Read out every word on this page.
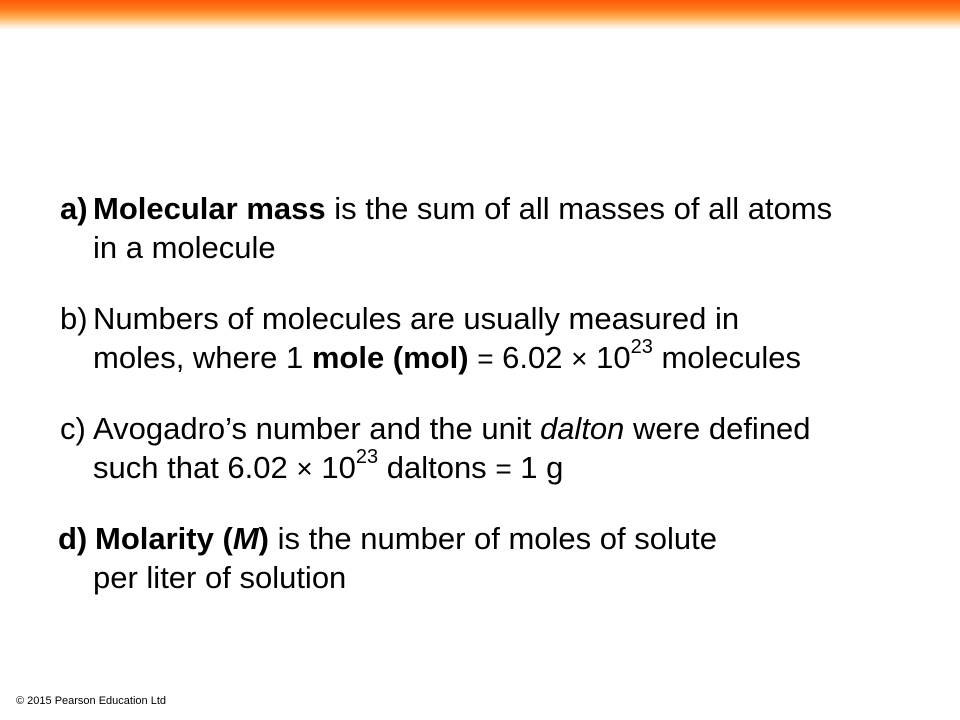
a) Molecular mass is the sum of all masses of all atoms
in a molecule
b) Numbers of molecules are usually measured in
moles, where 1 mole $(mol) = 6.02 \times 10^{23}$ molecules
c) Avogadro’s number and the unit dalton were defined
such that $6.02 \times 10^{23}$ daltons = 1 g
d) Molarity (M) is the number of moles of solute
per liter of solution
© 2015 Pearson Education Ltd
